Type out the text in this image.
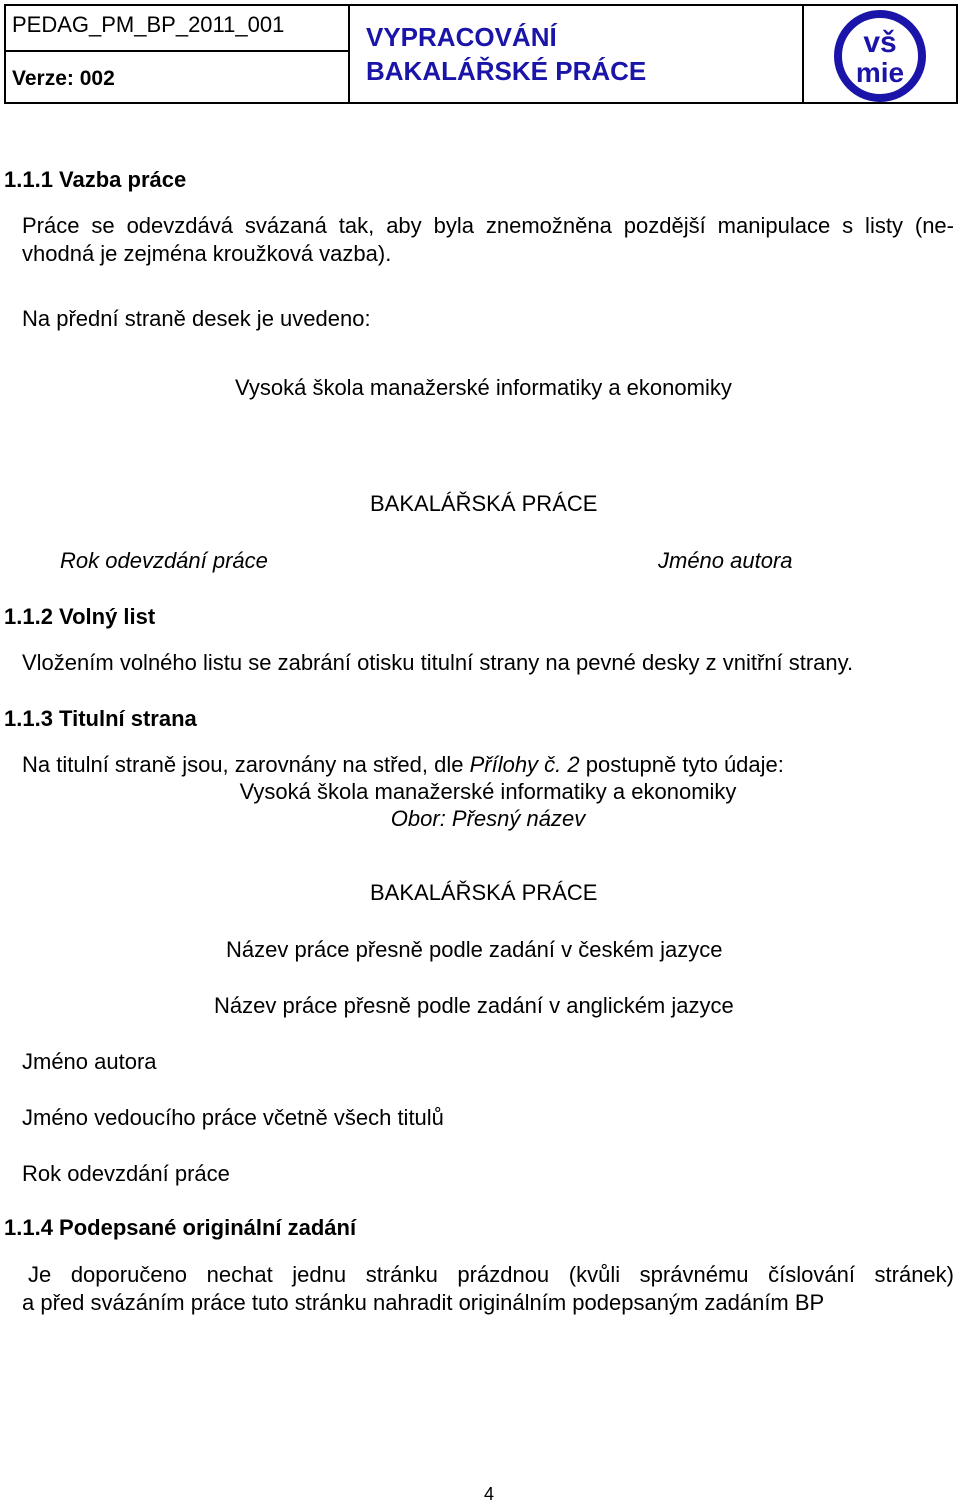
PEDAG_PM_BP_2011_001
Verze: 002
VYPRACOVÁNÍ
BAKALÁŘSKÉ PRÁCE
vš
mie
1.1.1 Vazba práce
Práce se odevzdává svázaná tak, aby byla znemožněna pozdější manipulace s listy (ne-
vhodná je zejména kroužková vazba).
Na přední straně desek je uvedeno:
Vysoká škola manažerské informatiky a ekonomiky
BAKALÁŘSKÁ PRÁCE
Rok odevzdání práce	Jméno autora
1.1.2 Volný list
Vložením volného listu se zabrání otisku titulní strany na pevné desky z vnitřní strany.
1.1.3 Titulní strana
Na titulní straně jsou, zarovnány na střed, dle Přílohy č. 2 postupně tyto údaje:
Vysoká škola manažerské informatiky a ekonomiky
Obor: Přesný název
BAKALÁŘSKÁ PRÁCE
Název práce přesně podle zadání v českém jazyce
Název práce přesně podle zadání v anglickém jazyce
Jméno autora
Jméno vedoucího práce včetně všech titulů
Rok odevzdání práce
1.1.4 Podepsané originální zadání
Je doporučeno nechat jednu stránku prázdnou (kvůli správnému číslování stránek)
a před svázáním práce tuto stránku nahradit originálním podepsaným zadáním BP
4
